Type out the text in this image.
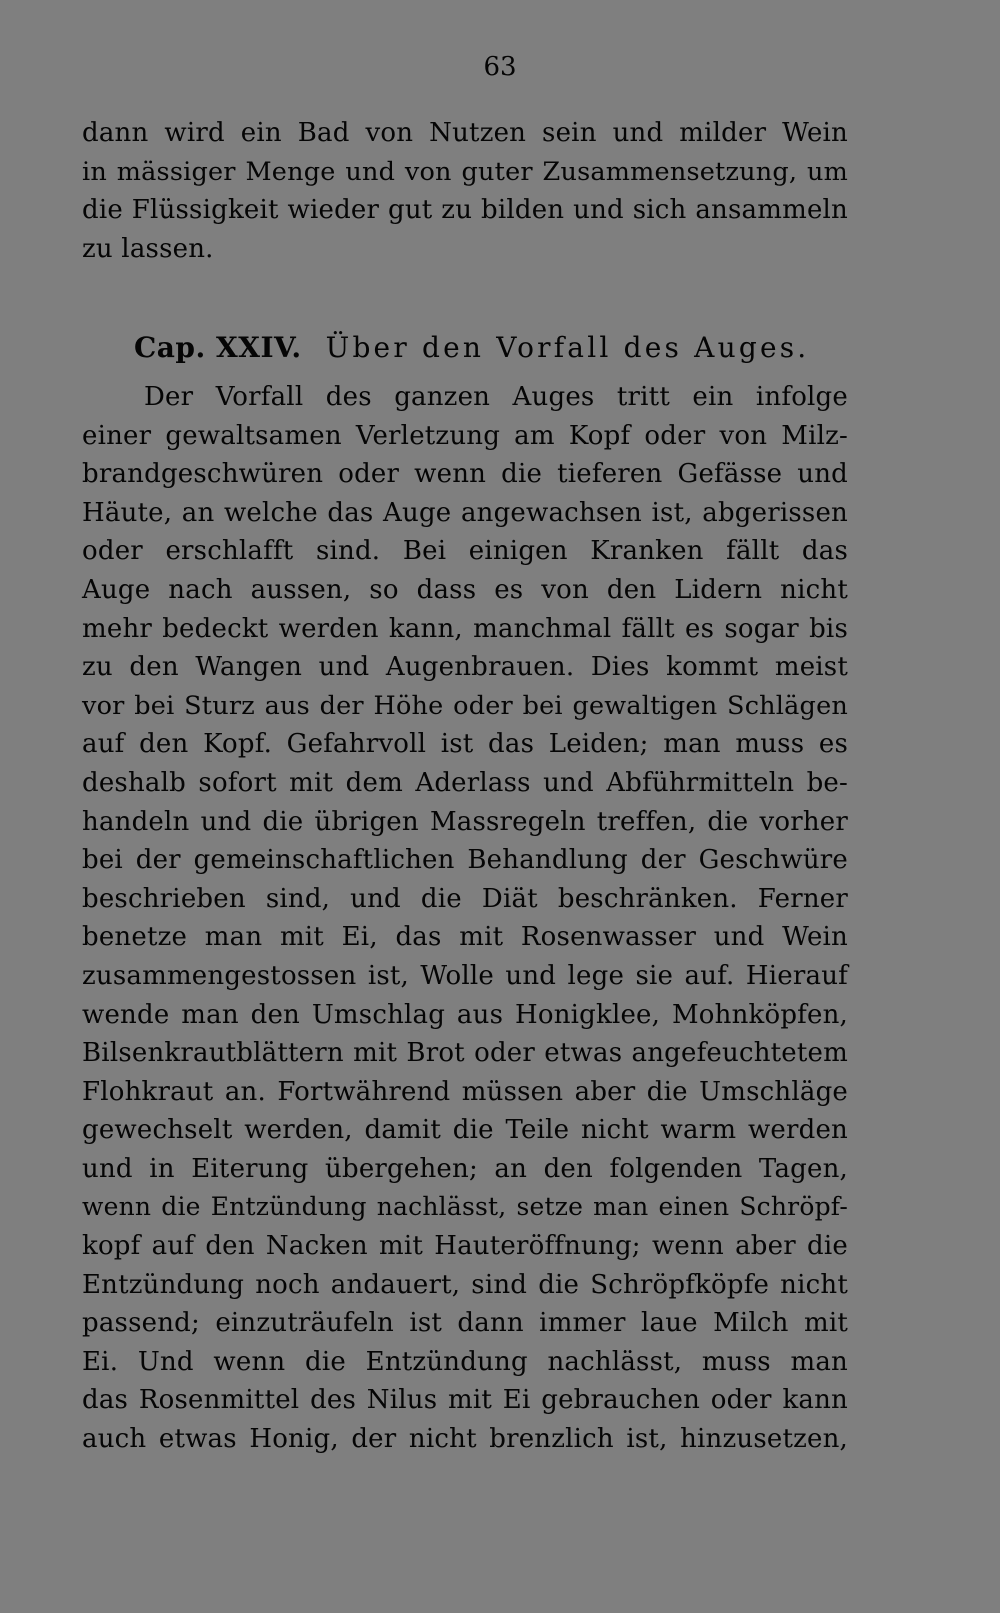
63
dann wird ein Bad von Nutzen sein und milder Wein
in mässiger Menge und von guter Zusammensetzung, um
die Flüssigkeit wieder gut zu bilden und sich ansammeln
zu lassen.
Cap. XXIV. Über den Vorfall des Auges.
Der Vorfall des ganzen Auges tritt ein infolge
einer gewaltsamen Verletzung am Kopf oder von Milz-
brandgeschwüren oder wenn die tieferen Gefässe und
Häute, an welche das Auge angewachsen ist, abgerissen
oder erschlafft sind. Bei einigen Kranken fällt das
Auge nach aussen, so dass es von den Lidern nicht
mehr bedeckt werden kann, manchmal fällt es sogar bis
zu den Wangen und Augenbrauen. Dies kommt meist
vor bei Sturz aus der Höhe oder bei gewaltigen Schlägen
auf den Kopf. Gefahrvoll ist das Leiden; man muss es
deshalb sofort mit dem Aderlass und Abführmitteln be-
handeln und die übrigen Massregeln treffen, die vorher
bei der gemeinschaftlichen Behandlung der Geschwüre
beschrieben sind, und die Diät beschränken. Ferner
benetze man mit Ei, das mit Rosenwasser und Wein
zusammengestossen ist, Wolle und lege sie auf. Hierauf
wende man den Umschlag aus Honigklee, Mohnköpfen,
Bilsenkrautblättern mit Brot oder etwas angefeuchtetem
Flohkraut an. Fortwährend müssen aber die Umschläge
gewechselt werden, damit die Teile nicht warm werden
und in Eiterung übergehen; an den folgenden Tagen,
wenn die Entzündung nachlässt, setze man einen Schröpf-
kopf auf den Nacken mit Hauteröffnung; wenn aber die
Entzündung noch andauert, sind die Schröpfköpfe nicht
passend; einzuträufeln ist dann immer laue Milch mit
Ei. Und wenn die Entzündung nachlässt, muss man
das Rosenmittel des Nilus mit Ei gebrauchen oder kann
auch etwas Honig, der nicht brenzlich ist, hinzusetzen,
